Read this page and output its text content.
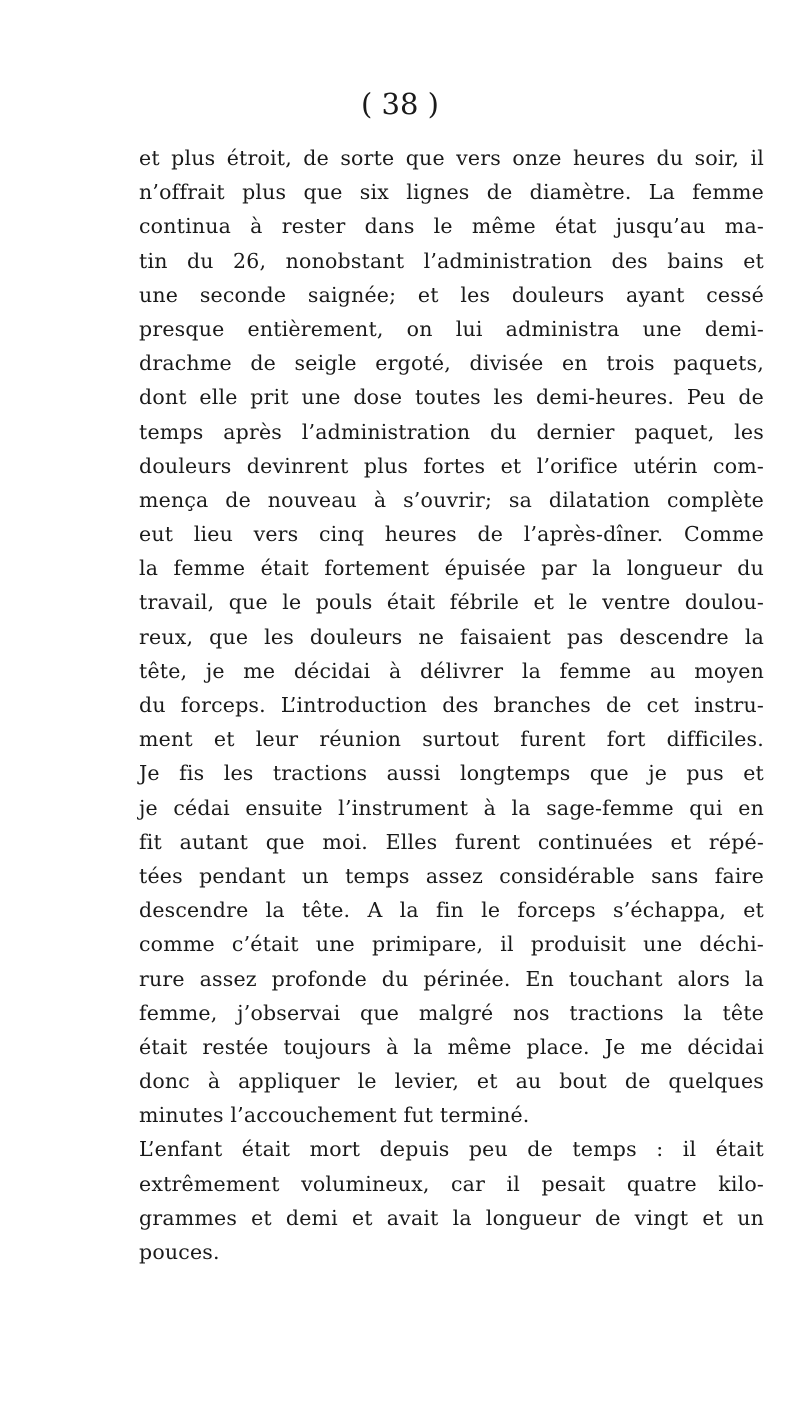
( 38 )
et plus étroit, de sorte que vers onze heures du soir, il
n’offrait plus que six lignes de diamètre. La femme
continua à rester dans le même état jusqu’au ma-
tin du 26, nonobstant l’administration des bains et
une seconde saignée; et les douleurs ayant cessé
presque entièrement, on lui administra une demi-
drachme de seigle ergoté, divisée en trois paquets,
dont elle prit une dose toutes les demi-heures. Peu de
temps après l’administration du dernier paquet, les
douleurs devinrent plus fortes et l’orifice utérin com-
mença de nouveau à s’ouvrir; sa dilatation complète
eut lieu vers cinq heures de l’après-dîner. Comme
la femme était fortement épuisée par la longueur du
travail, que le pouls était fébrile et le ventre doulou-
reux, que les douleurs ne faisaient pas descendre la
tête, je me décidai à délivrer la femme au moyen
du forceps. L’introduction des branches de cet instru-
ment et leur réunion surtout furent fort difficiles.
Je fis les tractions aussi longtemps que je pus et
je cédai ensuite l’instrument à la sage-femme qui en
fit autant que moi. Elles furent continuées et répé-
tées pendant un temps assez considérable sans faire
descendre la tête. A la fin le forceps s’échappa, et
comme c’était une primipare, il produisit une déchi-
rure assez profonde du périnée. En touchant alors la
femme, j’observai que malgré nos tractions la tête
était restée toujours à la même place. Je me décidai
donc à appliquer le levier, et au bout de quelques
minutes l’accouchement fut terminé.
L’enfant était mort depuis peu de temps : il était
extrêmement volumineux, car il pesait quatre kilo-
grammes et demi et avait la longueur de vingt et un
pouces.
